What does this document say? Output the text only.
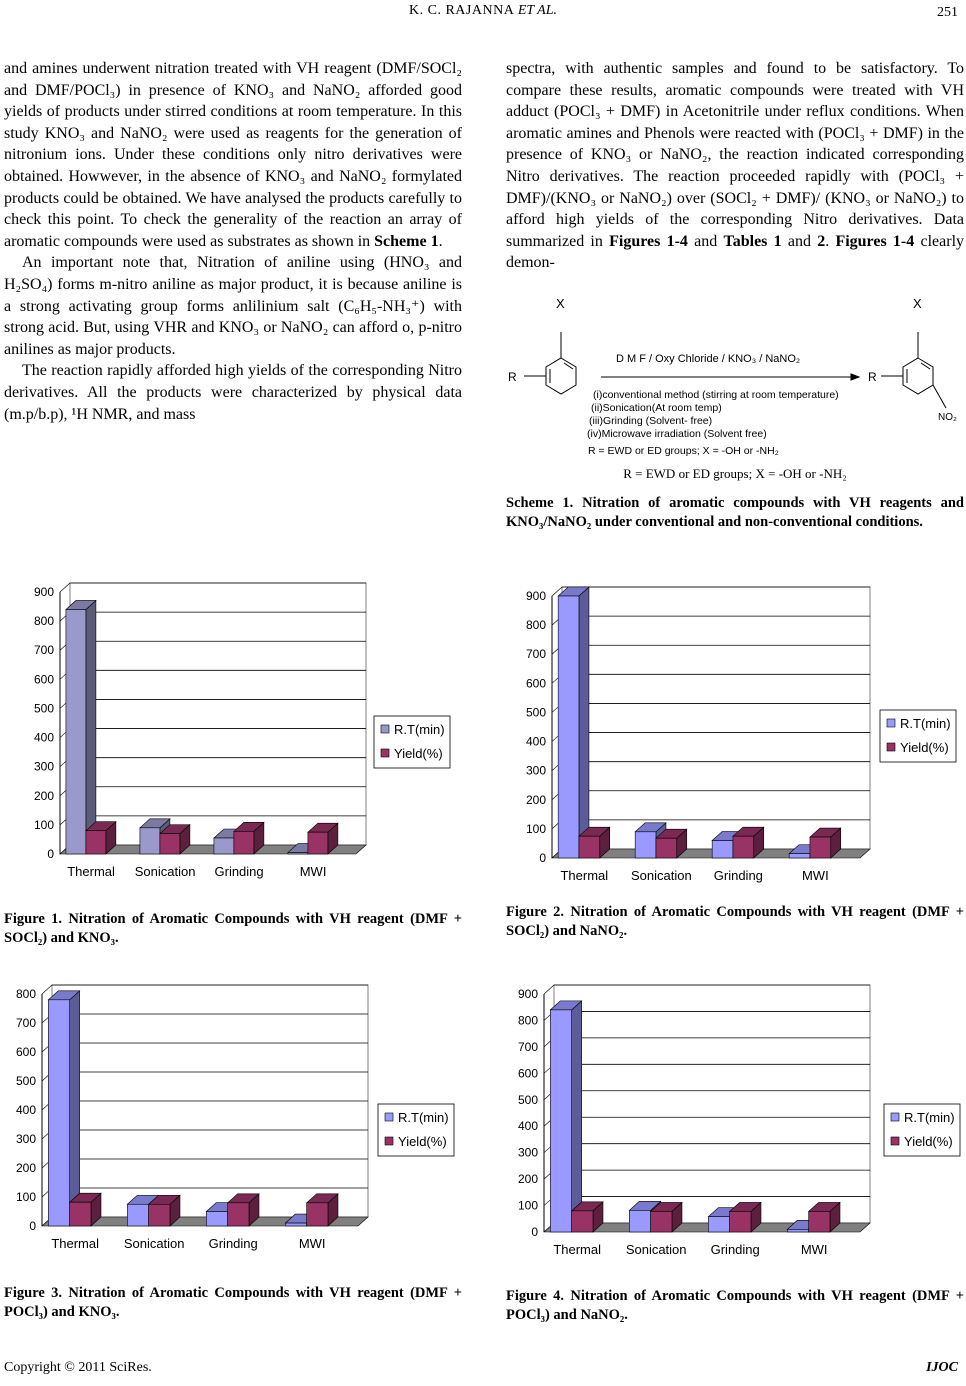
K. C. RAJANNA ET AL.	251

and amines underwent nitration treated with VH reagent (DMF/SOCl₂ and DMF/POCl₃) in presence of KNO₃ and NaNO₂ afforded good yields of products under stirred conditions at room temperature. In this study KNO₃ and NaNO₂ were used as reagents for the generation of nitronium ions. Under these conditions only nitro derivatives were obtained. Howwever, in the absence of KNO₃ and NaNO₂ formylated products could be obtained. We have analysed the products carefully to check this point. To check the generality of the reaction an array of aromatic compounds were used as substrates as shown in Scheme 1.

An important note that, Nitration of aniline using (HNO₃ and H₂SO₄) forms m-nitro aniline as major product, it is because aniline is a strong activating group forms anlilinium salt (C₆H₅-NH₃⁺) with strong acid. But, using VHR and KNO₃ or NaNO₂ can afford o, p-nitro anilines as major products.

The reaction rapidly afforded high yields of the corresponding Nitro derivatives. All the products were characterized by physical data (m.p/b.p), ¹H NMR, and mass

spectra, with authentic samples and found to be satisfactory. To compare these results, aromatic compounds were treated with VH adduct (POCl₃ + DMF) in Acetonitrile under reflux conditions. When aromatic amines and Phenols were reacted with (POCl₃ + DMF) in the presence of KNO₃ or NaNO₂, the reaction indicated corresponding Nitro derivatives. The reaction proceeded rapidly with (POCl₃ + DMF)/(KNO₃ or NaNO₂) over (SOCl₂ + DMF)/ (KNO₃ or NaNO₂) to afford high yields of the corresponding Nitro derivatives. Data summarized in Figures 1-4 and Tables 1 and 2. Figures 1-4 clearly demon-

X	X
R	R
D M F / Oxy Chloride / KNO₃ / NaNO₂
NO₂
(i)conventional method (stirring at room temperature)
(ii)Sonication(At room temp)
(iii)Grinding (Solvent- free)
(iv)Microwave irradiation (Solvent free)
R = EWD or ED groups; X = -OH or -NH₂
R = EWD or ED groups; X = -OH or -NH₂
Scheme 1. Nitration of aromatic compounds with VH reagents and KNO₃/NaNO₂ under conventional and non-conventional conditions.
0
100
200
300
400
500
600
700
800
900
Thermal Sonication Grinding	MWI
R.T(min)
Yield(%)
Figure 1. Nitration of Aromatic Compounds with VH reagent (DMF + SOCl₂) and KNO₃.
0
100
200
300
400
500
600
700
800
900
Thermal Sonication Grinding	MWI
R.T(min)
Yield(%)
Figure 2. Nitration of Aromatic Compounds with VH reagent (DMF + SOCl₂) and NaNO₂.
0
100
200
300
400
500
600
700
800
Thermal Sonication Grinding	MWI
R.T(min)
Yield(%)
Figure 3. Nitration of Aromatic Compounds with VH reagent (DMF + POCl₃) and KNO₃.
0
100
200
300
400
500
600
700
800
900
Thermal Sonication Grinding	MWI
R.T(min)
Yield(%)
Figure 4. Nitration of Aromatic Compounds with VH reagent (DMF + POCl₃) and NaNO₂.
Copyright © 2011 SciRes.	IJOC
